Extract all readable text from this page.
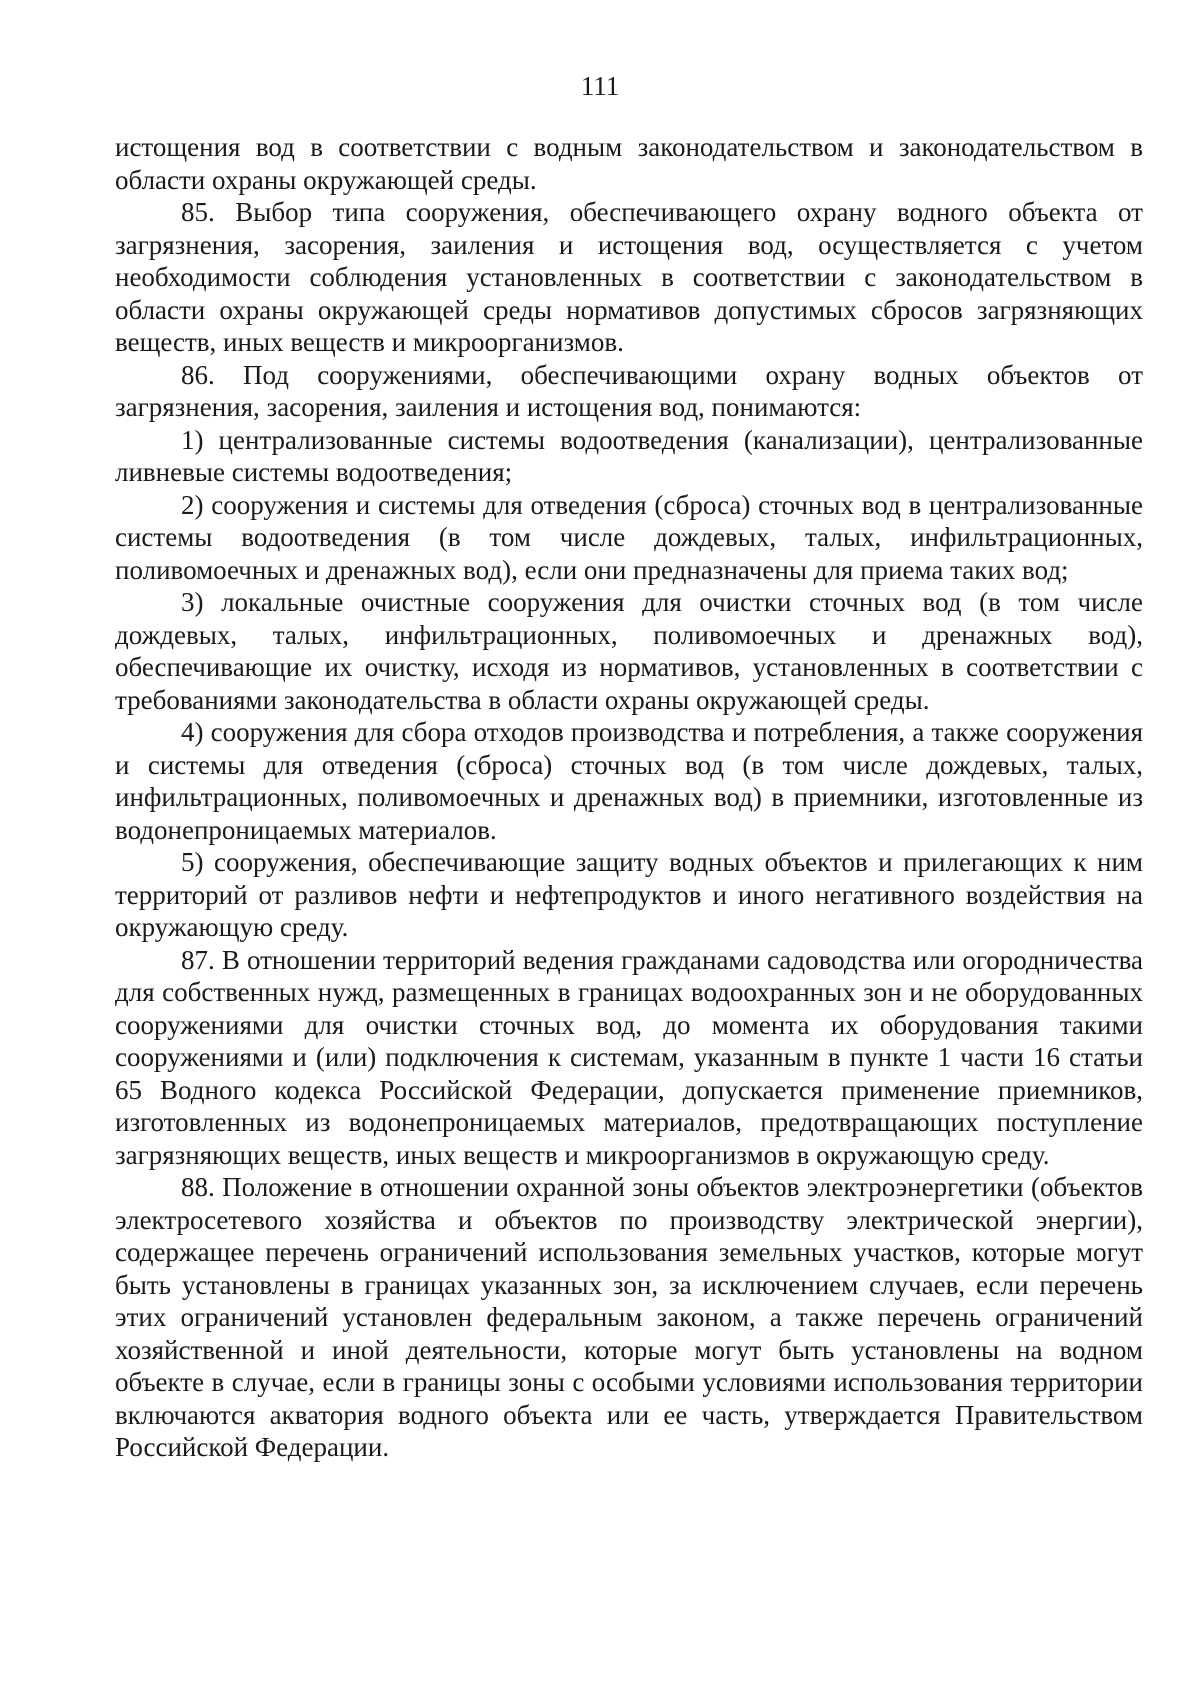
111

истощения вод в соответствии с водным законодательством и законодательством в области охраны окружающей среды.

85. Выбор типа сооружения, обеспечивающего охрану водного объекта от загрязнения, засорения, заиления и истощения вод, осуществляется с учетом необходимости соблюдения установленных в соответствии с законодательством в области охраны окружающей среды нормативов допустимых сбросов загрязняющих веществ, иных веществ и микроорганизмов.

86. Под сооружениями, обеспечивающими охрану водных объектов от загрязнения, засорения, заиления и истощения вод, понимаются:

1) централизованные системы водоотведения (канализации), централизованные ливневые системы водоотведения;

2) сооружения и системы для отведения (сброса) сточных вод в централизованные системы водоотведения (в том числе дождевых, талых, инфильтрационных, поливомоечных и дренажных вод), если они предназначены для приема таких вод;

3) локальные очистные сооружения для очистки сточных вод (в том числе дождевых, талых, инфильтрационных, поливомоечных и дренажных вод), обеспечивающие их очистку, исходя из нормативов, установленных в соответствии с требованиями законодательства в области охраны окружающей среды.

4) сооружения для сбора отходов производства и потребления, а также сооружения и системы для отведения (сброса) сточных вод (в том числе дождевых, талых, инфильтрационных, поливомоечных и дренажных вод) в приемники, изготовленные из водонепроницаемых материалов.

5) сооружения, обеспечивающие защиту водных объектов и прилегающих к ним территорий от разливов нефти и нефтепродуктов и иного негативного воздействия на окружающую среду.

87. В отношении территорий ведения гражданами садоводства или огородничества для собственных нужд, размещенных в границах водоохранных зон и не оборудованных сооружениями для очистки сточных вод, до момента их оборудования такими сооружениями и (или) подключения к системам, указанным в пункте 1 части 16 статьи 65 Водного кодекса Российской Федерации, допускается применение приемников, изготовленных из водонепроницаемых материалов, предотвращающих поступление загрязняющих веществ, иных веществ и микроорганизмов в окружающую среду.

88. Положение в отношении охранной зоны объектов электроэнергетики (объектов электросетевого хозяйства и объектов по производству электрической энергии), содержащее перечень ограничений использования земельных участков, которые могут быть установлены в границах указанных зон, за исключением случаев, если перечень этих ограничений установлен федеральным законом, а также перечень ограничений хозяйственной и иной деятельности, которые могут быть установлены на водном объекте в случае, если в границы зоны с особыми условиями использования территории включаются акватория водного объекта или ее часть, утверждается Правительством Российской Федерации.
